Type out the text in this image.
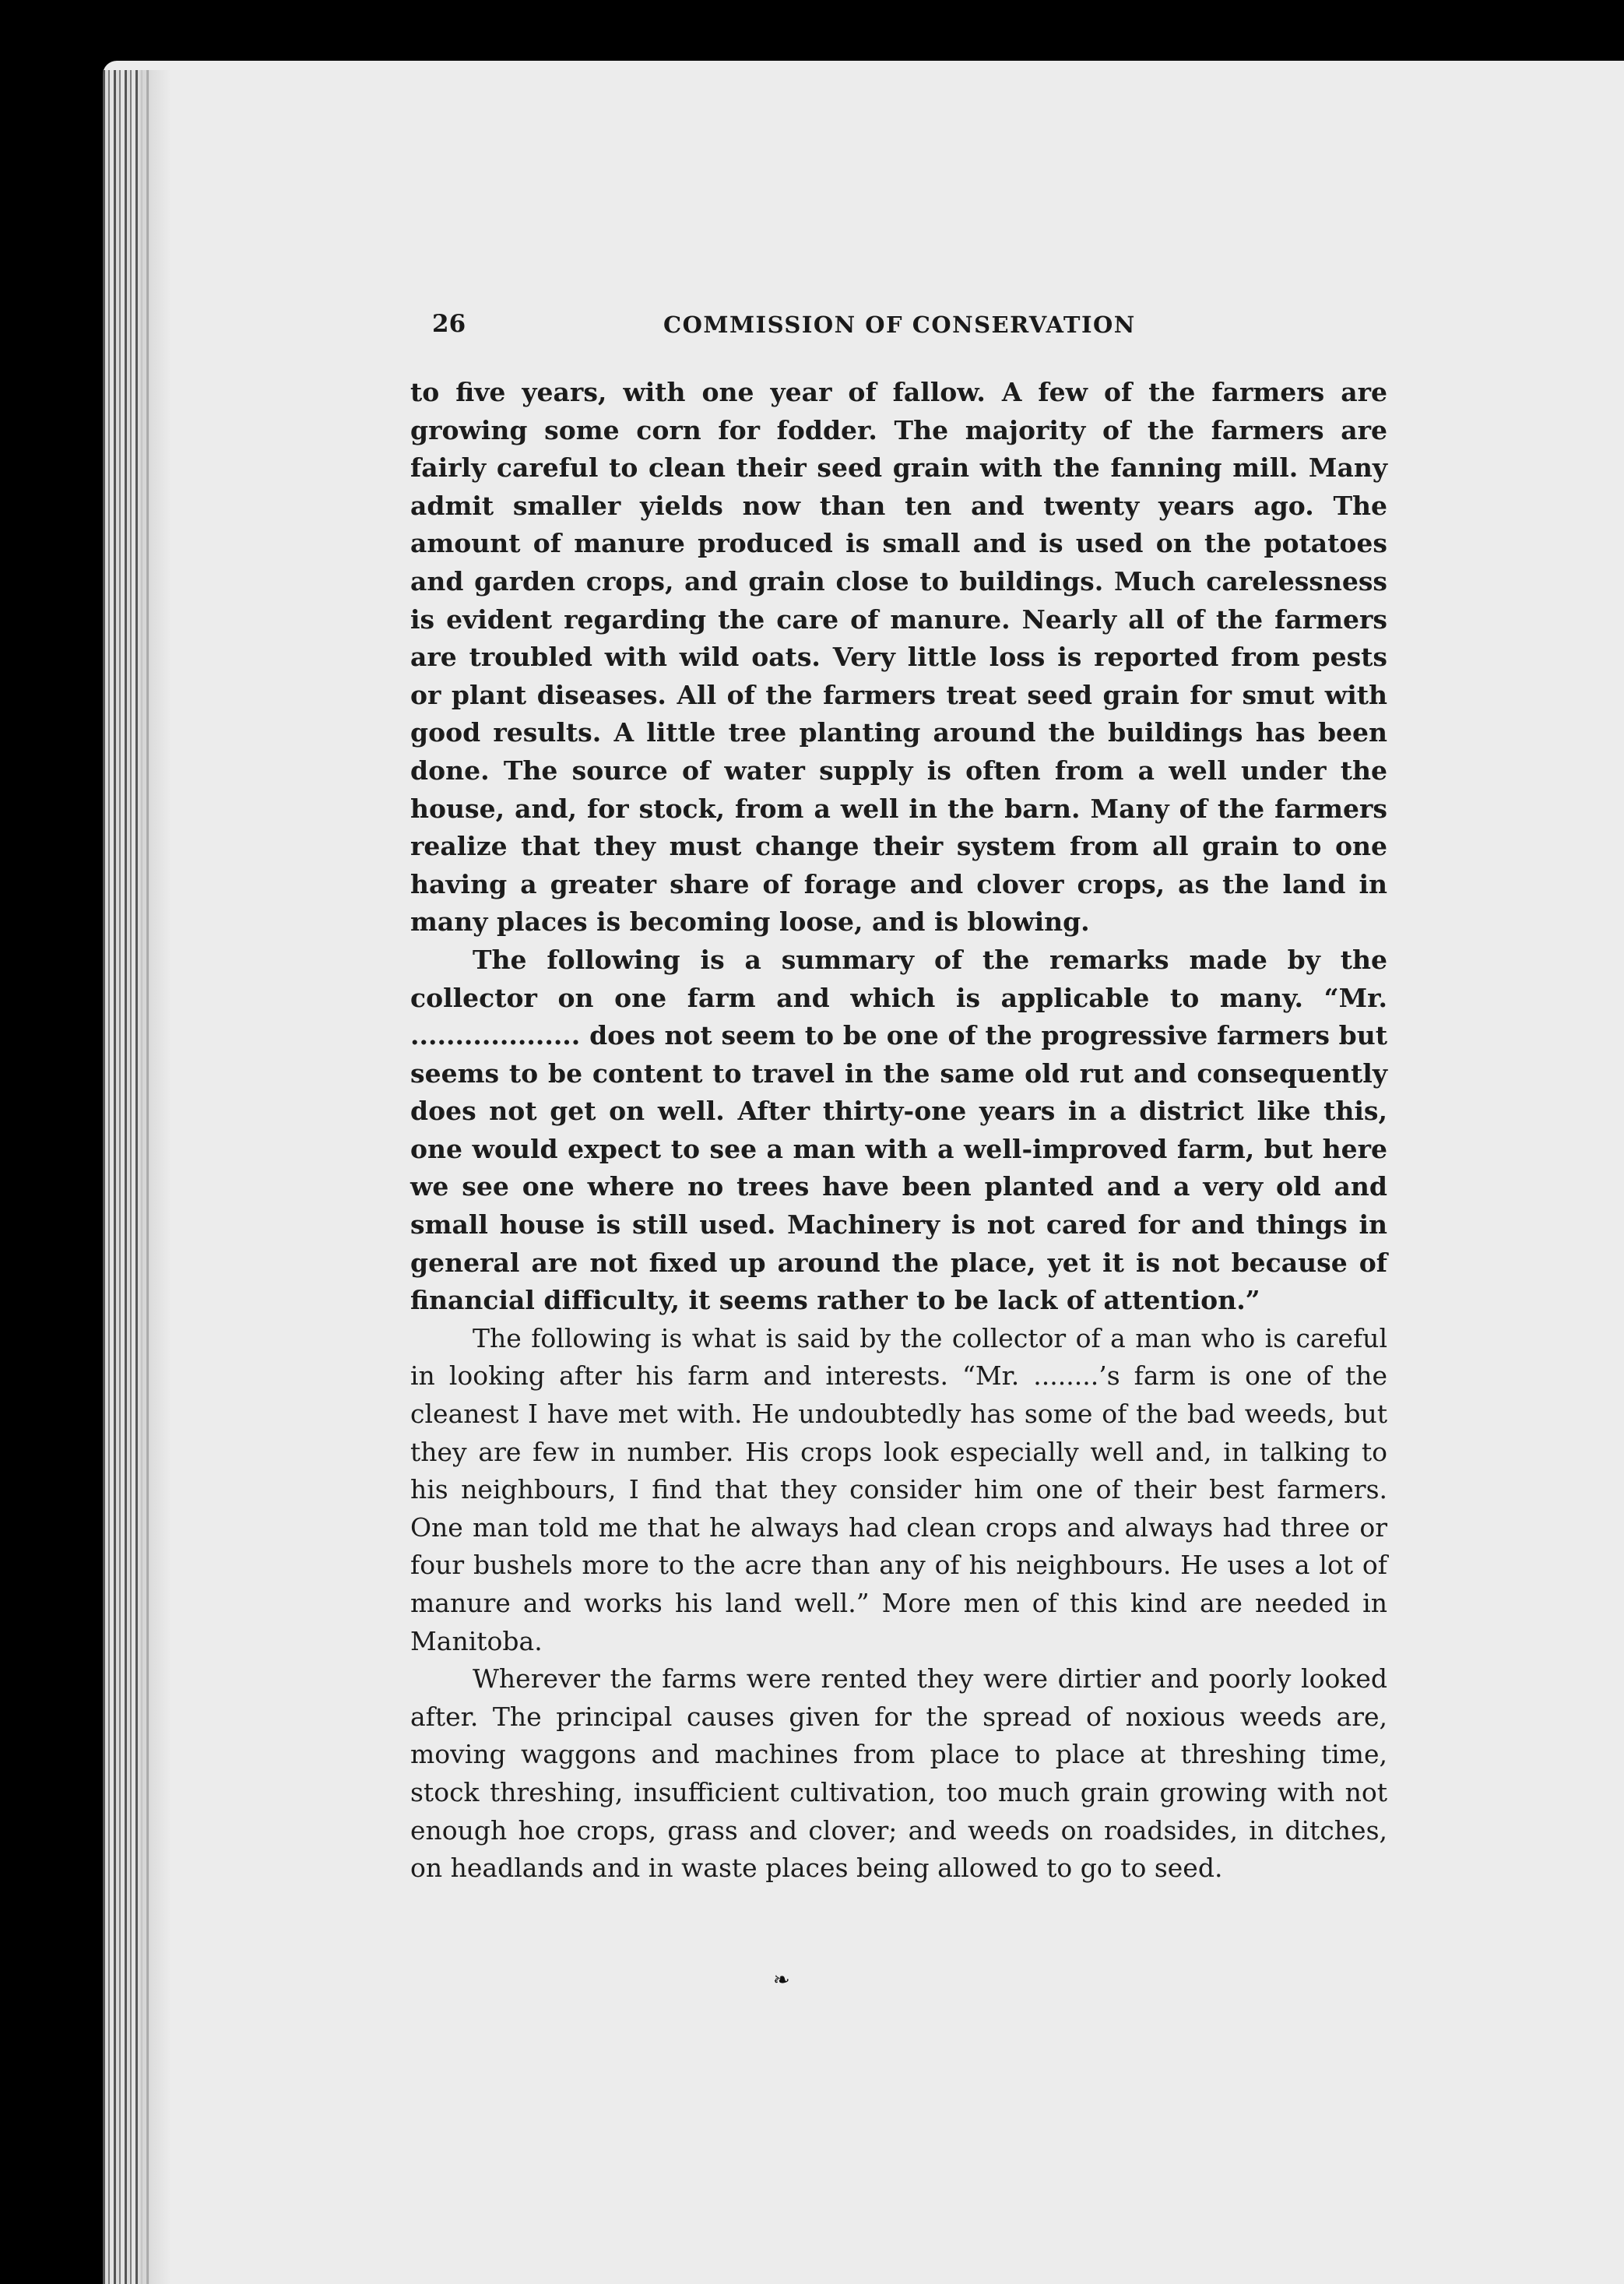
26	COMMISSION OF CONSERVATION

to five years, with one year of fallow. A few of the farmers are growing some corn for fodder. The majority of the farmers are fairly careful to clean their seed grain with the fanning mill. Many admit smaller yields now than ten and twenty years ago. The amount of manure produced is small and is used on the potatoes and garden crops, and grain close to buildings. Much carelessness is evident regarding the care of manure. Nearly all of the farmers are troubled with wild oats. Very little loss is reported from pests or plant diseases. All of the farmers treat seed grain for smut with good results. A little tree planting around the buildings has been done. The source of water supply is often from a well under the house, and, for stock, from a well in the barn. Many of the farmers realize that they must change their system from all grain to one having a greater share of forage and clover crops, as the land in many places is becoming loose, and is blowing.

The following is a summary of the remarks made by the collector on one farm and which is applicable to many. “Mr. ................... does not seem to be one of the progressive farmers but seems to be content to travel in the same old rut and consequently does not get on well. After thirty-one years in a district like this, one would expect to see a man with a well-improved farm, but here we see one where no trees have been planted and a very old and small house is still used. Machinery is not cared for and things in general are not fixed up around the place, yet it is not because of financial difficulty, it seems rather to be lack of attention.”

The following is what is said by the collector of a man who is careful in looking after his farm and interests. “Mr. ........’s farm is one of the cleanest I have met with. He undoubtedly has some of the bad weeds, but they are few in number. His crops look especially well and, in talking to his neighbours, I find that they consider him one of their best farmers. One man told me that he always had clean crops and always had three or four bushels more to the acre than any of his neighbours. He uses a lot of manure and works his land well.” More men of this kind are needed in Manitoba.

Wherever the farms were rented they were dirtier and poorly looked after. The principal causes given for the spread of noxious weeds are, moving waggons and machines from place to place at threshing time, stock threshing, insufficient cultivation, too much grain growing with not enough hoe crops, grass and clover; and weeds on roadsides, in ditches, on headlands and in waste places being allowed to go to seed.

❧
